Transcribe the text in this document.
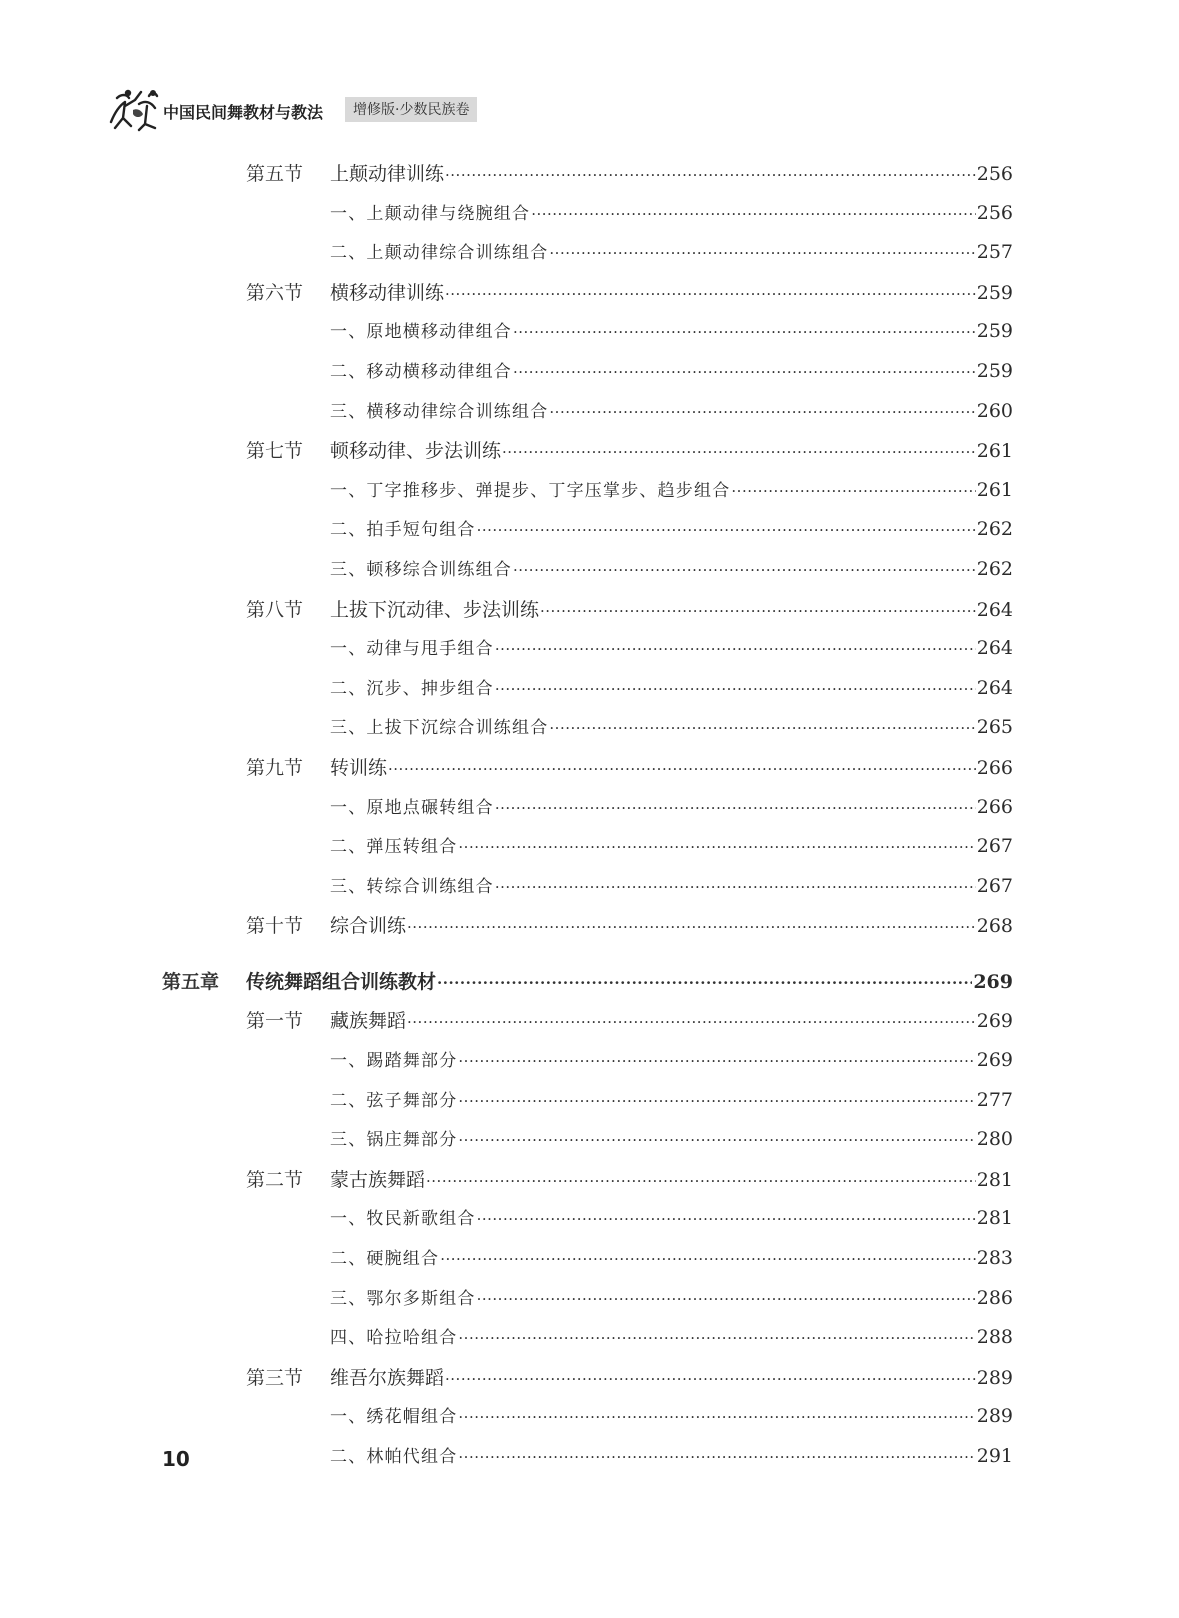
中国民间舞教材与教法	增修版·少数民族卷
第五节 上颠动律训练 ·····	256
一、上颠动律与绕腕组合 ·····	256
二、上颠动律综合训练组合 ·····	257
第六节 横移动律训练 ·····	259
一、原地横移动律组合 ·····	259
二、移动横移动律组合 ·····	259
三、横移动律综合训练组合 ·····	260
第七节 顿移动律、步法训练 ·····	261
一、丁字推移步、弹提步、丁字压掌步、趋步组合 ·····	261
二、拍手短句组合 ·····	262
三、顿移综合训练组合 ·····	262
第八节 上拔下沉动律、步法训练 ·····	264
一、动律与甩手组合 ·····	264
二、沉步、抻步组合 ·····	264
三、上拔下沉综合训练组合 ·····	265
第九节 转训练 ·····	266
一、原地点碾转组合 ·····	266
二、弹压转组合 ·····	267
三、转综合训练组合 ·····	267
第十节 综合训练 ·····	268
第五章 传统舞蹈组合训练教材 ·····	269
第一节 藏族舞蹈 ·····	269
一、踢踏舞部分 ·····	269
二、弦子舞部分 ·····	277
三、锅庄舞部分 ·····	280
第二节 蒙古族舞蹈 ·····	281
一、牧民新歌组合 ·····	281
二、硬腕组合 ·····	283
三、鄂尔多斯组合 ·····	286
四、哈拉哈组合 ·····	288
第三节 维吾尔族舞蹈 ·····	289
一、绣花帽组合 ·····	289
二、林帕代组合 ·····	291
10
